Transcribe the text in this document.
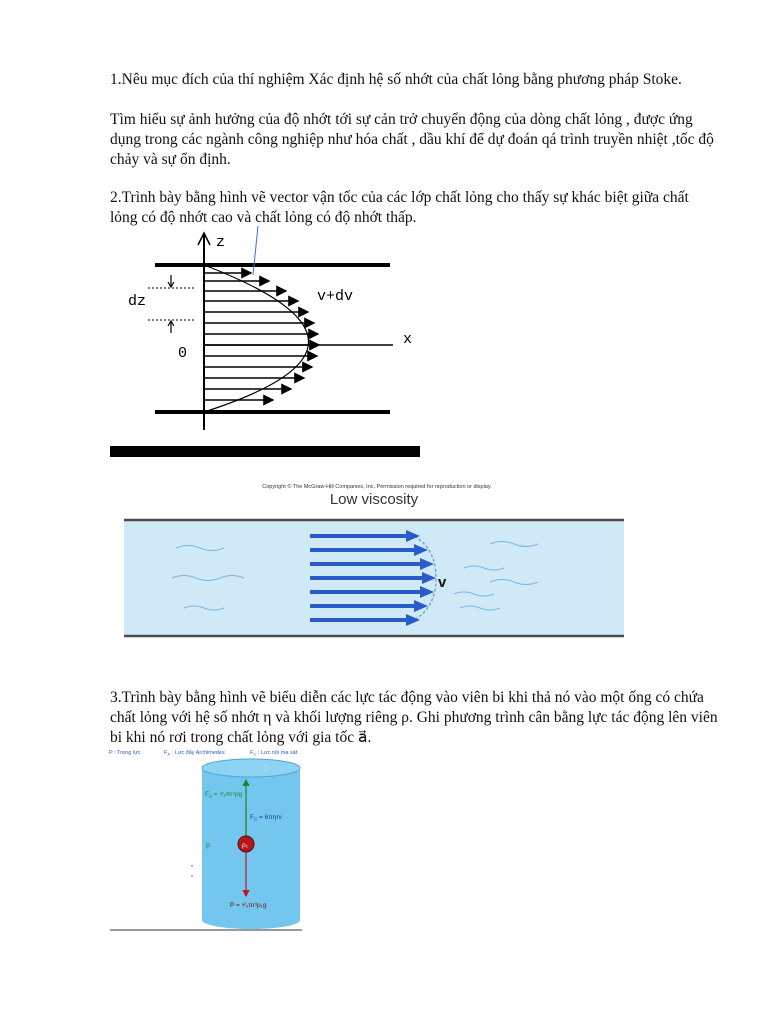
1.Nêu mục đích của thí nghiệm Xác định hệ số nhớt của chất lỏng bằng phương pháp Stoke.

Tìm hiểu sự ảnh hưởng của độ nhớt tới sự cản trở chuyển động của dòng chất lỏng , được ứng dụng trong các ngành công nghiệp như hóa chất , dầu khí để dự đoán qá trình truyền nhiệt ,tốc độ chảy và sự ổn định.

2.Trình bày bằng hình vẽ vector vận tốc của các lớp chất lỏng cho thấy sự khác biệt giữa chất lỏng có độ nhớt cao và chất lỏng có độ nhớt thấp.

z
x
dz
0
v+dv
Copyright © The McGraw-Hill Companies, Inc. Permission required for reproduction or display.
Low viscosity
v

3.Trình bày bằng hình vẽ biểu diễn các lực tác động vào viên bi khi thả nó vào một ống có chứa chất lỏng với hệ số nhớt η và khối lượng riêng ρ. Ghi phương trình cân bằng lực tác động lên viên bi khi nó rơi trong chất lỏng với gia tốc a⃗.

P : Trọng lực	$F_A$ : Lực đẩy Archimedes	$F_C$ : Lực nội ma sát
ρ₁
$F_A$ = ⁴⁄₃πr³ρg
$F_C = 6\pi\eta rv$
ρ
P = ⁴⁄₃πr³ρ₁g
